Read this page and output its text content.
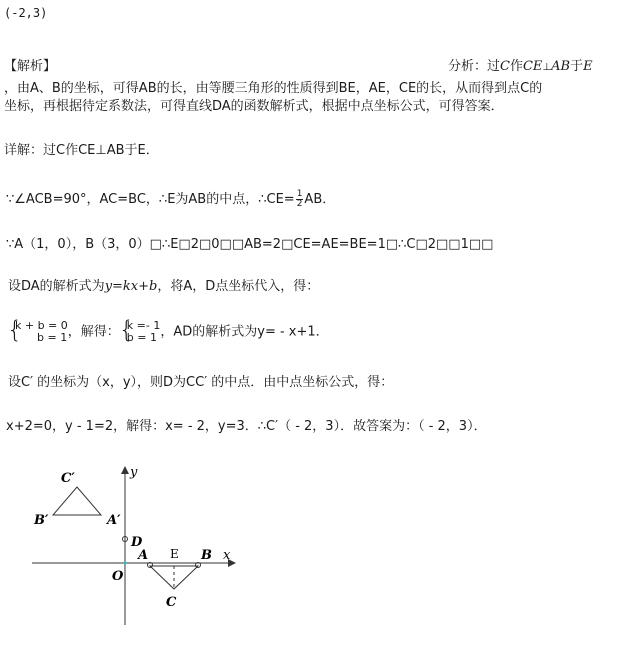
(-2,3)
【解析】	分析：过C作CE⊥AB于E
，由A、B的坐标，可得AB的长，由等腰三角形的性质得到BE，AE，CE的长，从而得到点C的
坐标，再根据待定系数法，可得直线DA的函数解析式，根据中点坐标公式，可得答案．
详解：过C作CE⊥AB于E．
∵∠ACB=90°，AC=BC，∴E为AB的中点，∴CE= $\frac{1}{2}$ AB．
∵A（1，0），B（3，0）□∴E□2□0□□AB=2□CE=AE=BE=1□∴C□2□□1□□
设DA的解析式为y=kx+b，将A，D点坐标代入，得：
{ k + b = 0
b = 1 ，解得：
{ k =- 1
b = 1 ，AD的解析式为y= - x+1．
设C′ 的坐标为（x，y），则D为CC′ 的中点．由中点坐标公式，得：
x+2=0，y - 1=2，解得：x= - 2，y=3．∴C′（ - 2，3）．故答案为：（ - 2，3）．
C′
B′	A′
y
D
A E B x
O
C
